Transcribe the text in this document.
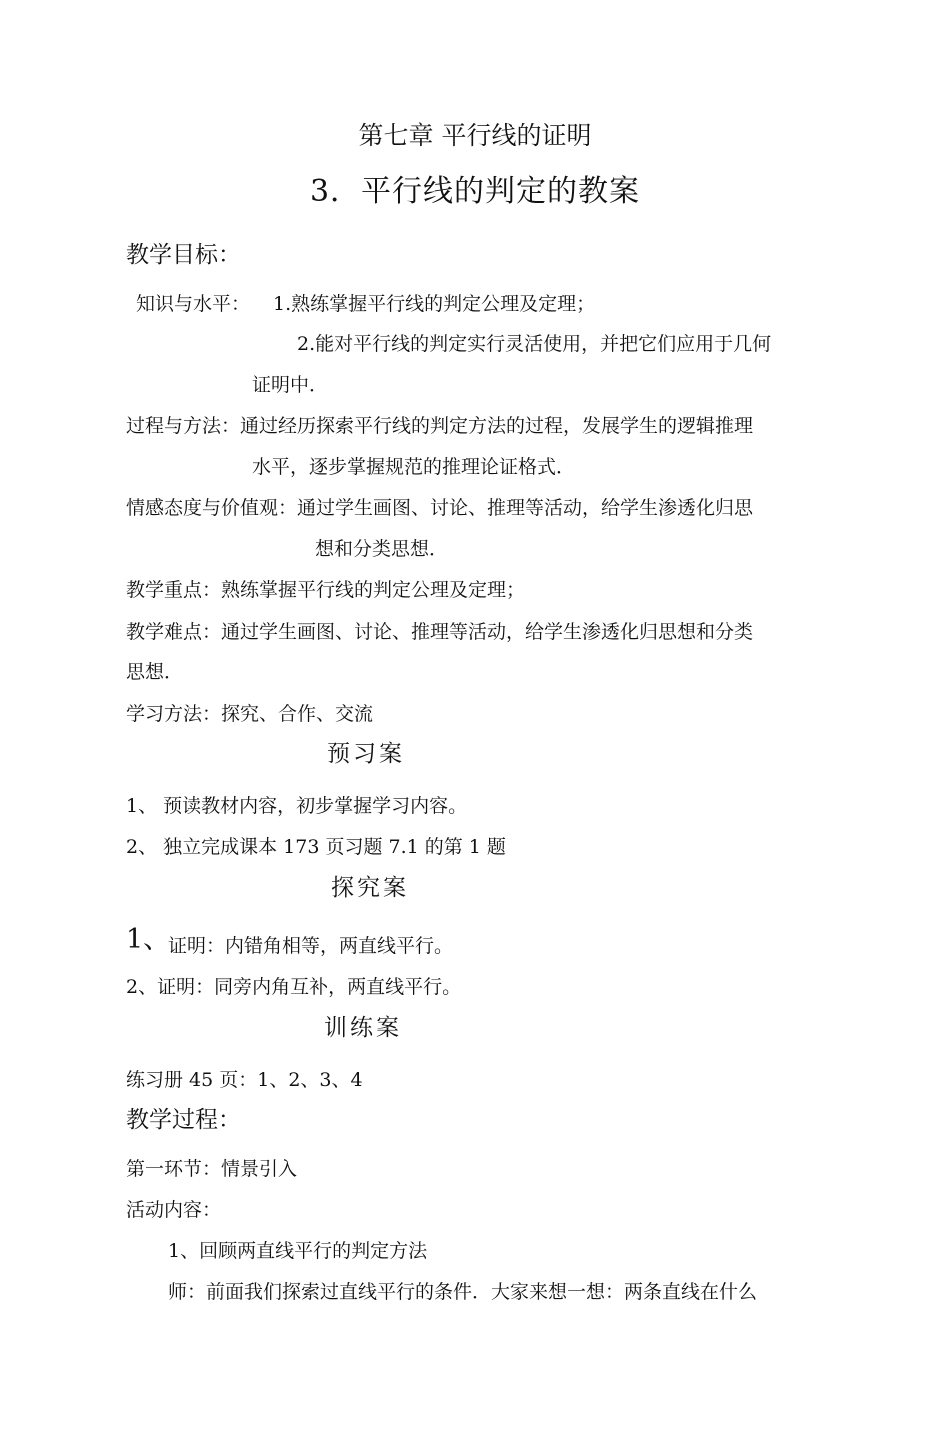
第七章 平行线的证明
3．平行线的判定的教案
教学目标：
知识与水平： 1.熟练掌握平行线的判定公理及定理；
2.能对平行线的判定实行灵活使用，并把它们应用于几何
证明中．
过程与方法：通过经历探索平行线的判定方法的过程，发展学生的逻辑推理
水平，逐步掌握规范的推理论证格式．
情感态度与价值观：通过学生画图、讨论、推理等活动，给学生渗透化归思
想和分类思想．
教学重点：熟练掌握平行线的判定公理及定理；
教学难点：通过学生画图、讨论、推理等活动，给学生渗透化归思想和分类
思想．
学习方法：探究、合作、交流
预习案
1、 预读教材内容，初步掌握学习内容。
2、 独立完成课本 173 页习题 7.1 的第 1 题
探究案
1、
证明：内错角相等，两直线平行。
2、证明：同旁内角互补，两直线平行。
训练案
练习册 45 页：1、2、3、4
教学过程：
第一环节：情景引入
活动内容：
1、回顾两直线平行的判定方法
师：前面我们探索过直线平行的条件．大家来想一想：两条直线在什么
